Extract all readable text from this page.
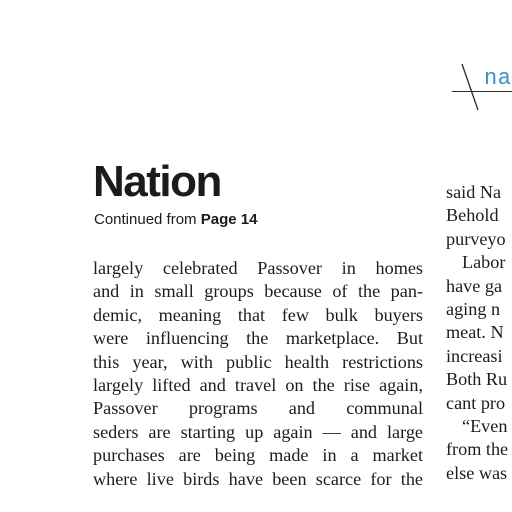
na
Nation
Continued from Page 14
largely celebrated Passover in homes
and in small groups because of the pan-
demic, meaning that few bulk buyers
were influencing the marketplace. But
this year, with public health restrictions
largely lifted and travel on the rise again,
Passover programs and communal
seders are starting up again — and large
purchases are being made in a market
where live birds have been scarce for the
said Na
Behold
purveyo
Labor
have ga
aging n
meat. N
increasi
Both Ru
cant pro
“Even
from the
else was
